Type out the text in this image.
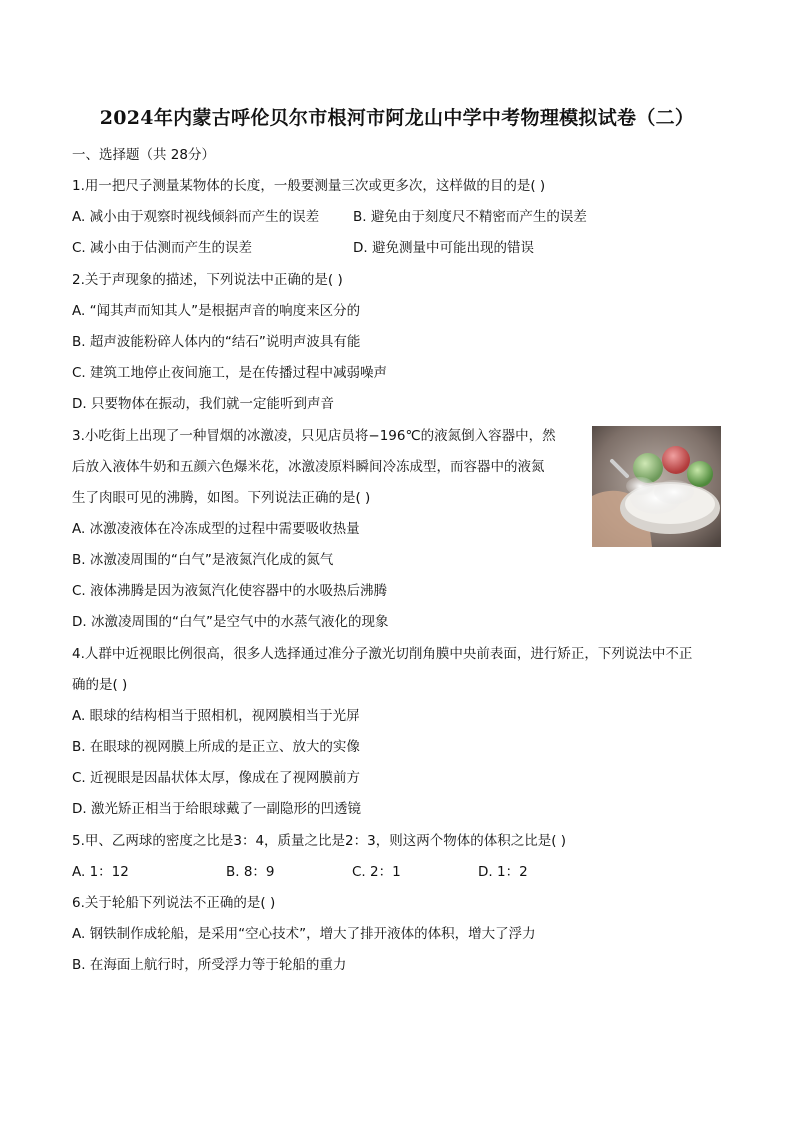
2024年内蒙古呼伦贝尔市根河市阿龙山中学中考物理模拟试卷（二）
一、选择题（共 28分）
1.用一把尺子测量某物体的长度，一般要测量三次或更多次，这样做的目的是( )
A. 减小由于观察时视线倾斜而产生的误差	B. 避免由于刻度尺不精密而产生的误差
C. 减小由于估测而产生的误差	D. 避免测量中可能出现的错误
2.关于声现象的描述，下列说法中正确的是( )
A. “闻其声而知其人”是根据声音的响度来区分的
B. 超声波能粉碎人体内的“结石”说明声波具有能
C. 建筑工地停止夜间施工，是在传播过程中减弱噪声
D. 只要物体在振动，我们就一定能听到声音
3.小吃街上出现了一种冒烟的冰激凌，只见店员将−196℃的液氮倒入容器中，然
后放入液体牛奶和五颜六色爆米花，冰激凌原料瞬间冷冻成型，而容器中的液氮
生了肉眼可见的沸腾，如图。下列说法正确的是( )
A. 冰激凌液体在冷冻成型的过程中需要吸收热量
B. 冰激凌周围的“白气”是液氮汽化成的氮气
C. 液体沸腾是因为液氮汽化使容器中的水吸热后沸腾
D. 冰激凌周围的“白气”是空气中的水蒸气液化的现象
4.人群中近视眼比例很高，很多人选择通过准分子激光切削角膜中央前表面，进行矫正，下列说法中不正
确的是( )
A. 眼球的结构相当于照相机，视网膜相当于光屏
B. 在眼球的视网膜上所成的是正立、放大的实像
C. 近视眼是因晶状体太厚，像成在了视网膜前方
D. 激光矫正相当于给眼球戴了一副隐形的凹透镜
5.甲、乙两球的密度之比是3：4，质量之比是2：3，则这两个物体的体积之比是( )
A. 1：12	B. 8：9	C. 2：1	D. 1：2
6.关于轮船下列说法不正确的是( )
A. 钢铁制作成轮船，是采用“空心技术”，增大了排开液体的体积，增大了浮力
B. 在海面上航行时，所受浮力等于轮船的重力
